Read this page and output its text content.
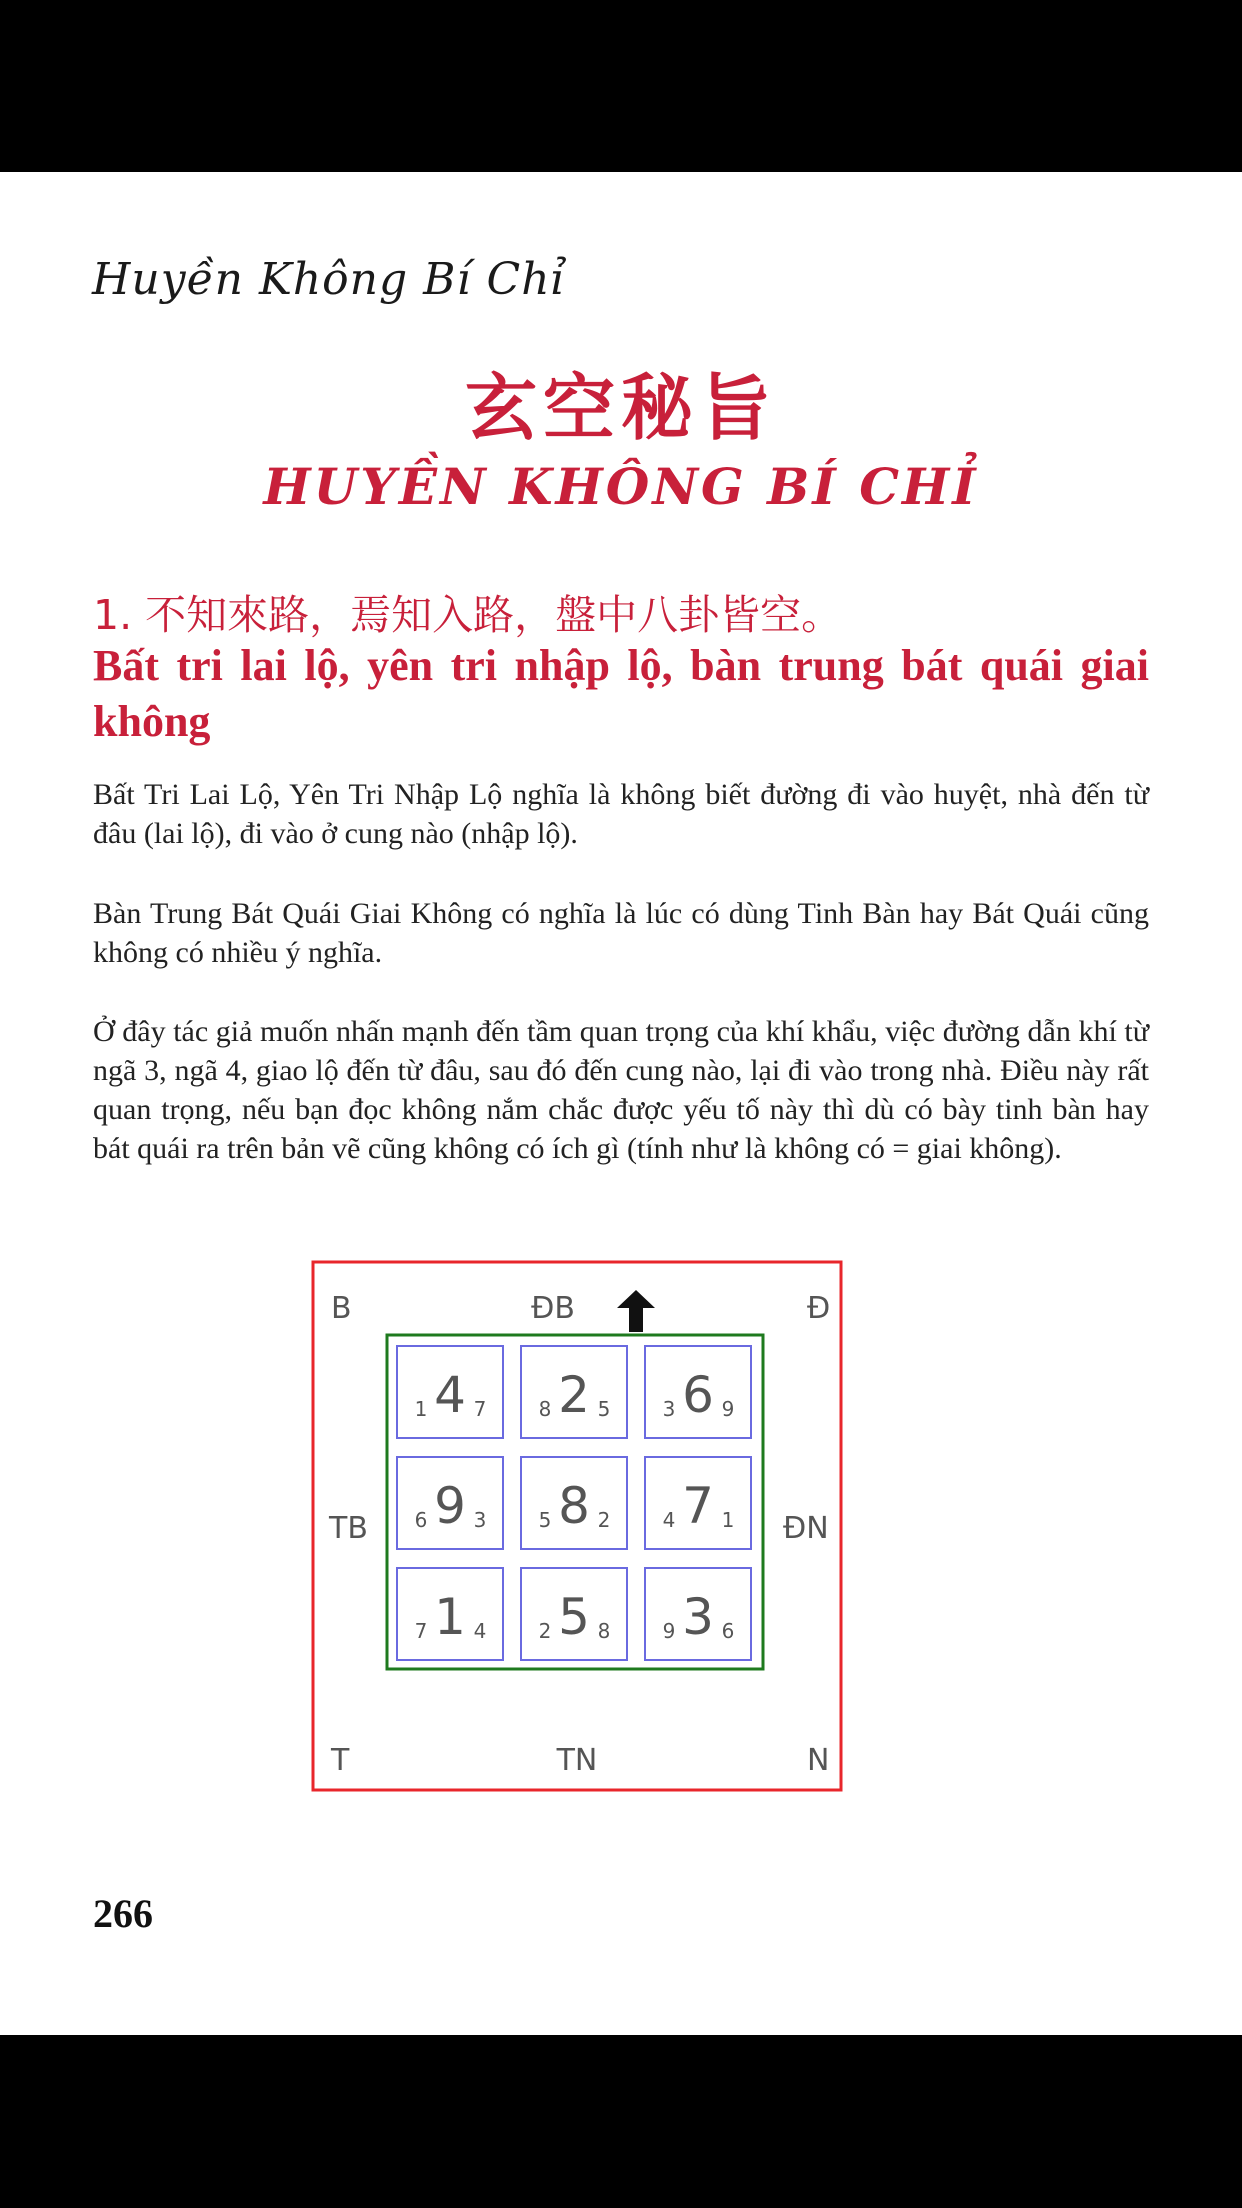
Huyền Không Bí Chỉ
玄空秘旨
HUYỀN KHÔNG BÍ CHỈ
1. 不知來路，焉知入路，盤中八卦皆空。
Bất tri lai lộ, yên tri nhập lộ, bàn trung bát quái giai không

Bất Tri Lai Lộ, Yên Tri Nhập Lộ nghĩa là không biết đường đi vào huyệt, nhà đến từ đâu (lai lộ), đi vào ở cung nào (nhập lộ).

Bàn Trung Bát Quái Giai Không có nghĩa là lúc có dùng Tinh Bàn hay Bát Quái cũng không có nhiều ý nghĩa.

Ở đây tác giả muốn nhấn mạnh đến tầm quan trọng của khí khẩu, việc đường dẫn khí từ ngã 3, ngã 4, giao lộ đến từ đâu, sau đó đến cung nào, lại đi vào trong nhà. Điều này rất quan trọng, nếu bạn đọc không nắm chắc được yếu tố này thì dù có bày tinh bàn hay bát quái ra trên bản vẽ cũng không có ích gì (tính như là không có = giai không).

B	ĐB	Đ
TB	ĐN
T	TN	N
1 4 7	8 2 5	3 6 9
6 9 3	5 8 2	4 7 1
7 1 4	2 5 8	9 3 6
266
